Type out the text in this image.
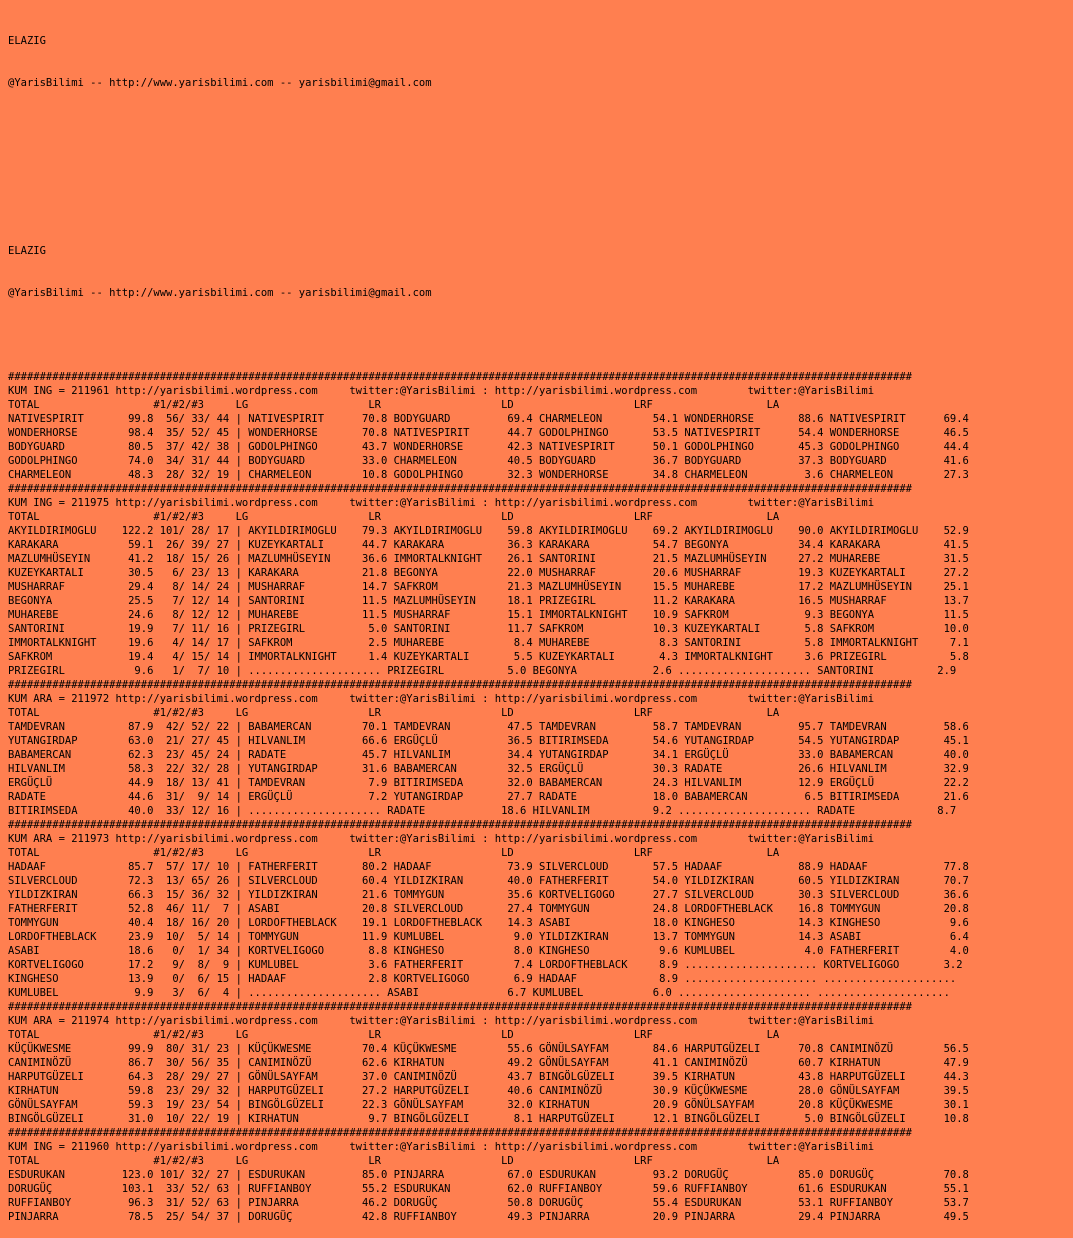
ELAZIG

@YarisBilimi -- http://www.yarisbilimi.com -- yarisbilimi@gmail.com

ELAZIG

@YarisBilimi -- http://www.yarisbilimi.com -- yarisbilimi@gmail.com

###############################################################################################################################################
KUM ING = 211961 http://yarisbilimi.wordpress.com     twitter:@YarisBilimi : http://yarisbilimi.wordpress.com        twitter:@YarisBilimi
TOTAL                  #1/#2/#3     LG                   LR                   LD                   LRF                  LA
NATIVESPIRIT       99.8  56/ 33/ 44 | NATIVESPIRIT      70.8 BODYGUARD         69.4 CHARMELEON        54.1 WONDERHORSE       88.6 NATIVESPIRIT      69.4
WONDERHORSE        98.4  35/ 52/ 45 | WONDERHORSE       70.8 NATIVESPIRIT      44.7 GODOLPHINGO       53.5 NATIVESPIRIT      54.4 WONDERHORSE       46.5
BODYGUARD          80.5  37/ 42/ 38 | GODOLPHINGO       43.7 WONDERHORSE       42.3 NATIVESPIRIT      50.1 GODOLPHINGO       45.3 GODOLPHINGO       44.4
GODOLPHINGO        74.0  34/ 31/ 44 | BODYGUARD         33.0 CHARMELEON        40.5 BODYGUARD         36.7 BODYGUARD         37.3 BODYGUARD         41.6
CHARMELEON         48.3  28/ 32/ 19 | CHARMELEON        10.8 GODOLPHINGO       32.3 WONDERHORSE       34.8 CHARMELEON         3.6 CHARMELEON        27.3
###############################################################################################################################################
KUM ING = 211975 http://yarisbilimi.wordpress.com     twitter:@YarisBilimi : http://yarisbilimi.wordpress.com        twitter:@YarisBilimi
TOTAL                  #1/#2/#3     LG                   LR                   LD                   LRF                  LA
AKYILDIRIMOGLU    122.2 101/ 28/ 17 | AKYILDIRIMOGLU    79.3 AKYILDIRIMOGLU    59.8 AKYILDIRIMOGLU    69.2 AKYILDIRIMOGLU    90.0 AKYILDIRIMOGLU    52.9
KARAKARA           59.1  26/ 39/ 27 | KUZEYKARTALI      44.7 KARAKARA          36.3 KARAKARA          54.7 BEGONYA           34.4 KARAKARA          41.5
MAZLUMHÜSEYIN      41.2  18/ 15/ 26 | MAZLUMHÜSEYIN     36.6 IMMORTALKNIGHT    26.1 SANTORINI         21.5 MAZLUMHÜSEYIN     27.2 MUHAREBE          31.5
KUZEYKARTALI       30.5   6/ 23/ 13 | KARAKARA          21.8 BEGONYA           22.0 MUSHARRAF         20.6 MUSHARRAF         19.3 KUZEYKARTALI      27.2
MUSHARRAF          29.4   8/ 14/ 24 | MUSHARRAF         14.7 SAFKROM           21.3 MAZLUMHÜSEYIN     15.5 MUHAREBE          17.2 MAZLUMHÜSEYIN     25.1
BEGONYA            25.5   7/ 12/ 14 | SANTORINI         11.5 MAZLUMHÜSEYIN     18.1 PRIZEGIRL         11.2 KARAKARA          16.5 MUSHARRAF         13.7
MUHAREBE           24.6   8/ 12/ 12 | MUHAREBE          11.5 MUSHARRAF         15.1 IMMORTALKNIGHT    10.9 SAFKROM            9.3 BEGONYA           11.5
SANTORINI          19.9   7/ 11/ 16 | PRIZEGIRL          5.0 SANTORINI         11.7 SAFKROM           10.3 KUZEYKARTALI       5.8 SAFKROM           10.0
IMMORTALKNIGHT     19.6   4/ 14/ 17 | SAFKROM            2.5 MUHAREBE           8.4 MUHAREBE           8.3 SANTORINI          5.8 IMMORTALKNIGHT     7.1
SAFKROM            19.4   4/ 15/ 14 | IMMORTALKNIGHT     1.4 KUZEYKARTALI       5.5 KUZEYKARTALI       4.3 IMMORTALKNIGHT     3.6 PRIZEGIRL          5.8
PRIZEGIRL           9.6   1/  7/ 10 | ..................... PRIZEGIRL          5.0 BEGONYA            2.6 ..................... SANTORINI          2.9
###############################################################################################################################################
KUM ARA = 211972 http://yarisbilimi.wordpress.com     twitter:@YarisBilimi : http://yarisbilimi.wordpress.com        twitter:@YarisBilimi
TOTAL                  #1/#2/#3     LG                   LR                   LD                   LRF                  LA
TAMDEVRAN          87.9  42/ 52/ 22 | BABAMERCAN        70.1 TAMDEVRAN         47.5 TAMDEVRAN         58.7 TAMDEVRAN         95.7 TAMDEVRAN         58.6
YUTANGIRDAP        63.0  21/ 27/ 45 | HILVANLIM         66.6 ERGÜÇLÜ           36.5 BITIRIMSEDA       54.6 YUTANGIRDAP       54.5 YUTANGIRDAP       45.1
BABAMERCAN         62.3  23/ 45/ 24 | RADATE            45.7 HILVANLIM         34.4 YUTANGIRDAP       34.1 ERGÜÇLÜ           33.0 BABAMERCAN        40.0
HILVANLIM          58.3  22/ 32/ 28 | YUTANGIRDAP       31.6 BABAMERCAN        32.5 ERGÜÇLÜ           30.3 RADATE            26.6 HILVANLIM         32.9
ERGÜÇLÜ            44.9  18/ 13/ 41 | TAMDEVRAN          7.9 BITIRIMSEDA       32.0 BABAMERCAN        24.3 HILVANLIM         12.9 ERGÜÇLÜ           22.2
RADATE             44.6  31/  9/ 14 | ERGÜÇLÜ            7.2 YUTANGIRDAP       27.7 RADATE            18.0 BABAMERCAN         6.5 BITIRIMSEDA       21.6
BITIRIMSEDA        40.0  33/ 12/ 16 | ..................... RADATE            18.6 HILVANLIM          9.2 ..................... RADATE             8.7
###############################################################################################################################################
KUM ARA = 211973 http://yarisbilimi.wordpress.com     twitter:@YarisBilimi : http://yarisbilimi.wordpress.com        twitter:@YarisBilimi
TOTAL                  #1/#2/#3     LG                   LR                   LD                   LRF                  LA
HADAAF             85.7  57/ 17/ 10 | FATHERFERIT       80.2 HADAAF            73.9 SILVERCLOUD       57.5 HADAAF            88.9 HADAAF            77.8
SILVERCLOUD        72.3  13/ 65/ 26 | SILVERCLOUD       60.4 YILDIZKIRAN       40.0 FATHERFERIT       54.0 YILDIZKIRAN       60.5 YILDIZKIRAN       70.7
YILDIZKIRAN        66.3  15/ 36/ 32 | YILDIZKIRAN       21.6 TOMMYGUN          35.6 KORTVELIGOGO      27.7 SILVERCLOUD       30.3 SILVERCLOUD       36.6
FATHERFERIT        52.8  46/ 11/  7 | ASABI             20.8 SILVERCLOUD       27.4 TOMMYGUN          24.8 LORDOFTHEBLACK    16.8 TOMMYGUN          20.8
TOMMYGUN           40.4  18/ 16/ 20 | LORDOFTHEBLACK    19.1 LORDOFTHEBLACK    14.3 ASABI             18.0 KINGHESO          14.3 KINGHESO           9.6
LORDOFTHEBLACK     23.9  10/  5/ 14 | TOMMYGUN          11.9 KUMLUBEL           9.0 YILDIZKIRAN       13.7 TOMMYGUN          14.3 ASABI              6.4
ASABI              18.6   0/  1/ 34 | KORTVELIGOGO       8.8 KINGHESO           8.0 KINGHESO           9.6 KUMLUBEL           4.0 FATHERFERIT        4.0
KORTVELIGOGO       17.2   9/  8/  9 | KUMLUBEL           3.6 FATHERFERIT        7.4 LORDOFTHEBLACK     8.9 ..................... KORTVELIGOGO       3.2
KINGHESO           13.9   0/  6/ 15 | HADAAF             2.8 KORTVELIGOGO       6.9 HADAAF             8.9 ..................... .....................
KUMLUBEL            9.9   3/  6/  4 | ..................... ASABI              6.7 KUMLUBEL           6.0 ..................... .....................
###############################################################################################################################################
KUM ARA = 211974 http://yarisbilimi.wordpress.com     twitter:@YarisBilimi : http://yarisbilimi.wordpress.com        twitter:@YarisBilimi
TOTAL                  #1/#2/#3     LG                   LR                   LD                   LRF                  LA
KÜÇÜKWESME         99.9  80/ 31/ 23 | KÜÇÜKWESME        70.4 KÜÇÜKWESME        55.6 GÖNÜLSAYFAM       84.6 HARPUTGÜZELI      70.8 CANIMINÖZÜ        56.5
CANIMINÖZÜ         86.7  30/ 56/ 35 | CANIMINÖZÜ        62.6 KIRHATUN          49.2 GÖNÜLSAYFAM       41.1 CANIMINÖZÜ        60.7 KIRHATUN          47.9
HARPUTGÜZELI       64.3  28/ 29/ 27 | GÖNÜLSAYFAM       37.0 CANIMINÖZÜ        43.7 BINGÖLGÜZELI      39.5 KIRHATUN          43.8 HARPUTGÜZELI      44.3
KIRHATUN           59.8  23/ 29/ 32 | HARPUTGÜZELI      27.2 HARPUTGÜZELI      40.6 CANIMINÖZÜ        30.9 KÜÇÜKWESME        28.0 GÖNÜLSAYFAM       39.5
GÖNÜLSAYFAM        59.3  19/ 23/ 54 | BINGÖLGÜZELI      22.3 GÖNÜLSAYFAM       32.0 KIRHATUN          20.9 GÖNÜLSAYFAM       20.8 KÜÇÜKWESME        30.1
BINGÖLGÜZELI       31.0  10/ 22/ 19 | KIRHATUN           9.7 BINGÖLGÜZELI       8.1 HARPUTGÜZELI      12.1 BINGÖLGÜZELI       5.0 BINGÖLGÜZELI      10.8
###############################################################################################################################################
KUM ING = 211960 http://yarisbilimi.wordpress.com     twitter:@YarisBilimi : http://yarisbilimi.wordpress.com        twitter:@YarisBilimi
TOTAL                  #1/#2/#3     LG                   LR                   LD                   LRF                  LA
ESDURUKAN         123.0 101/ 32/ 27 | ESDURUKAN         85.0 PINJARRA          67.0 ESDURUKAN         93.2 DORUGÜÇ           85.0 DORUGÜÇ           70.8
DORUGÜÇ           103.1  33/ 52/ 63 | RUFFIANBOY        55.2 ESDURUKAN         62.0 RUFFIANBOY        59.6 RUFFIANBOY        61.6 ESDURUKAN         55.1
RUFFIANBOY         96.3  31/ 52/ 63 | PINJARRA          46.2 DORUGÜÇ           50.8 DORUGÜÇ           55.4 ESDURUKAN         53.1 RUFFIANBOY        53.7
PINJARRA           78.5  25/ 54/ 37 | DORUGÜÇ           42.8 RUFFIANBOY        49.3 PINJARRA          20.9 PINJARRA          29.4 PINJARRA          49.5
